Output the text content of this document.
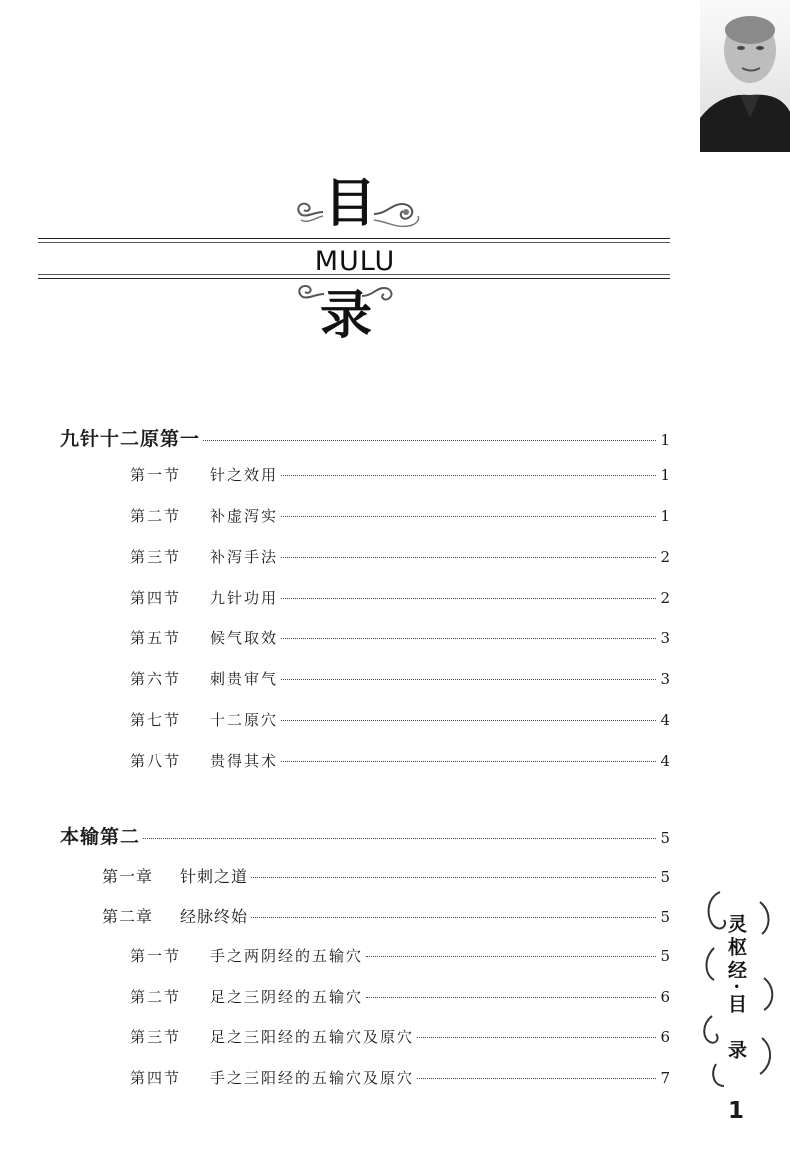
目
MULU
录
九针十二原第一	1
第一节	针之效用	1
第二节	补虚泻实	1
第三节	补泻手法	2
第四节	九针功用	2
第五节	候气取效	3
第六节	刺贵审气	3
第七节	十二原穴	4
第八节	贵得其术	4
本输第二	5
第一章	针刺之道	5
第二章	经脉终始	5
第一节	手之两阴经的五输穴	5
第二节	足之三阴经的五输穴	6
第三节	足之三阳经的五输穴及原穴	6
第四节	手之三阳经的五输穴及原穴	7
灵枢经·目　录
1
